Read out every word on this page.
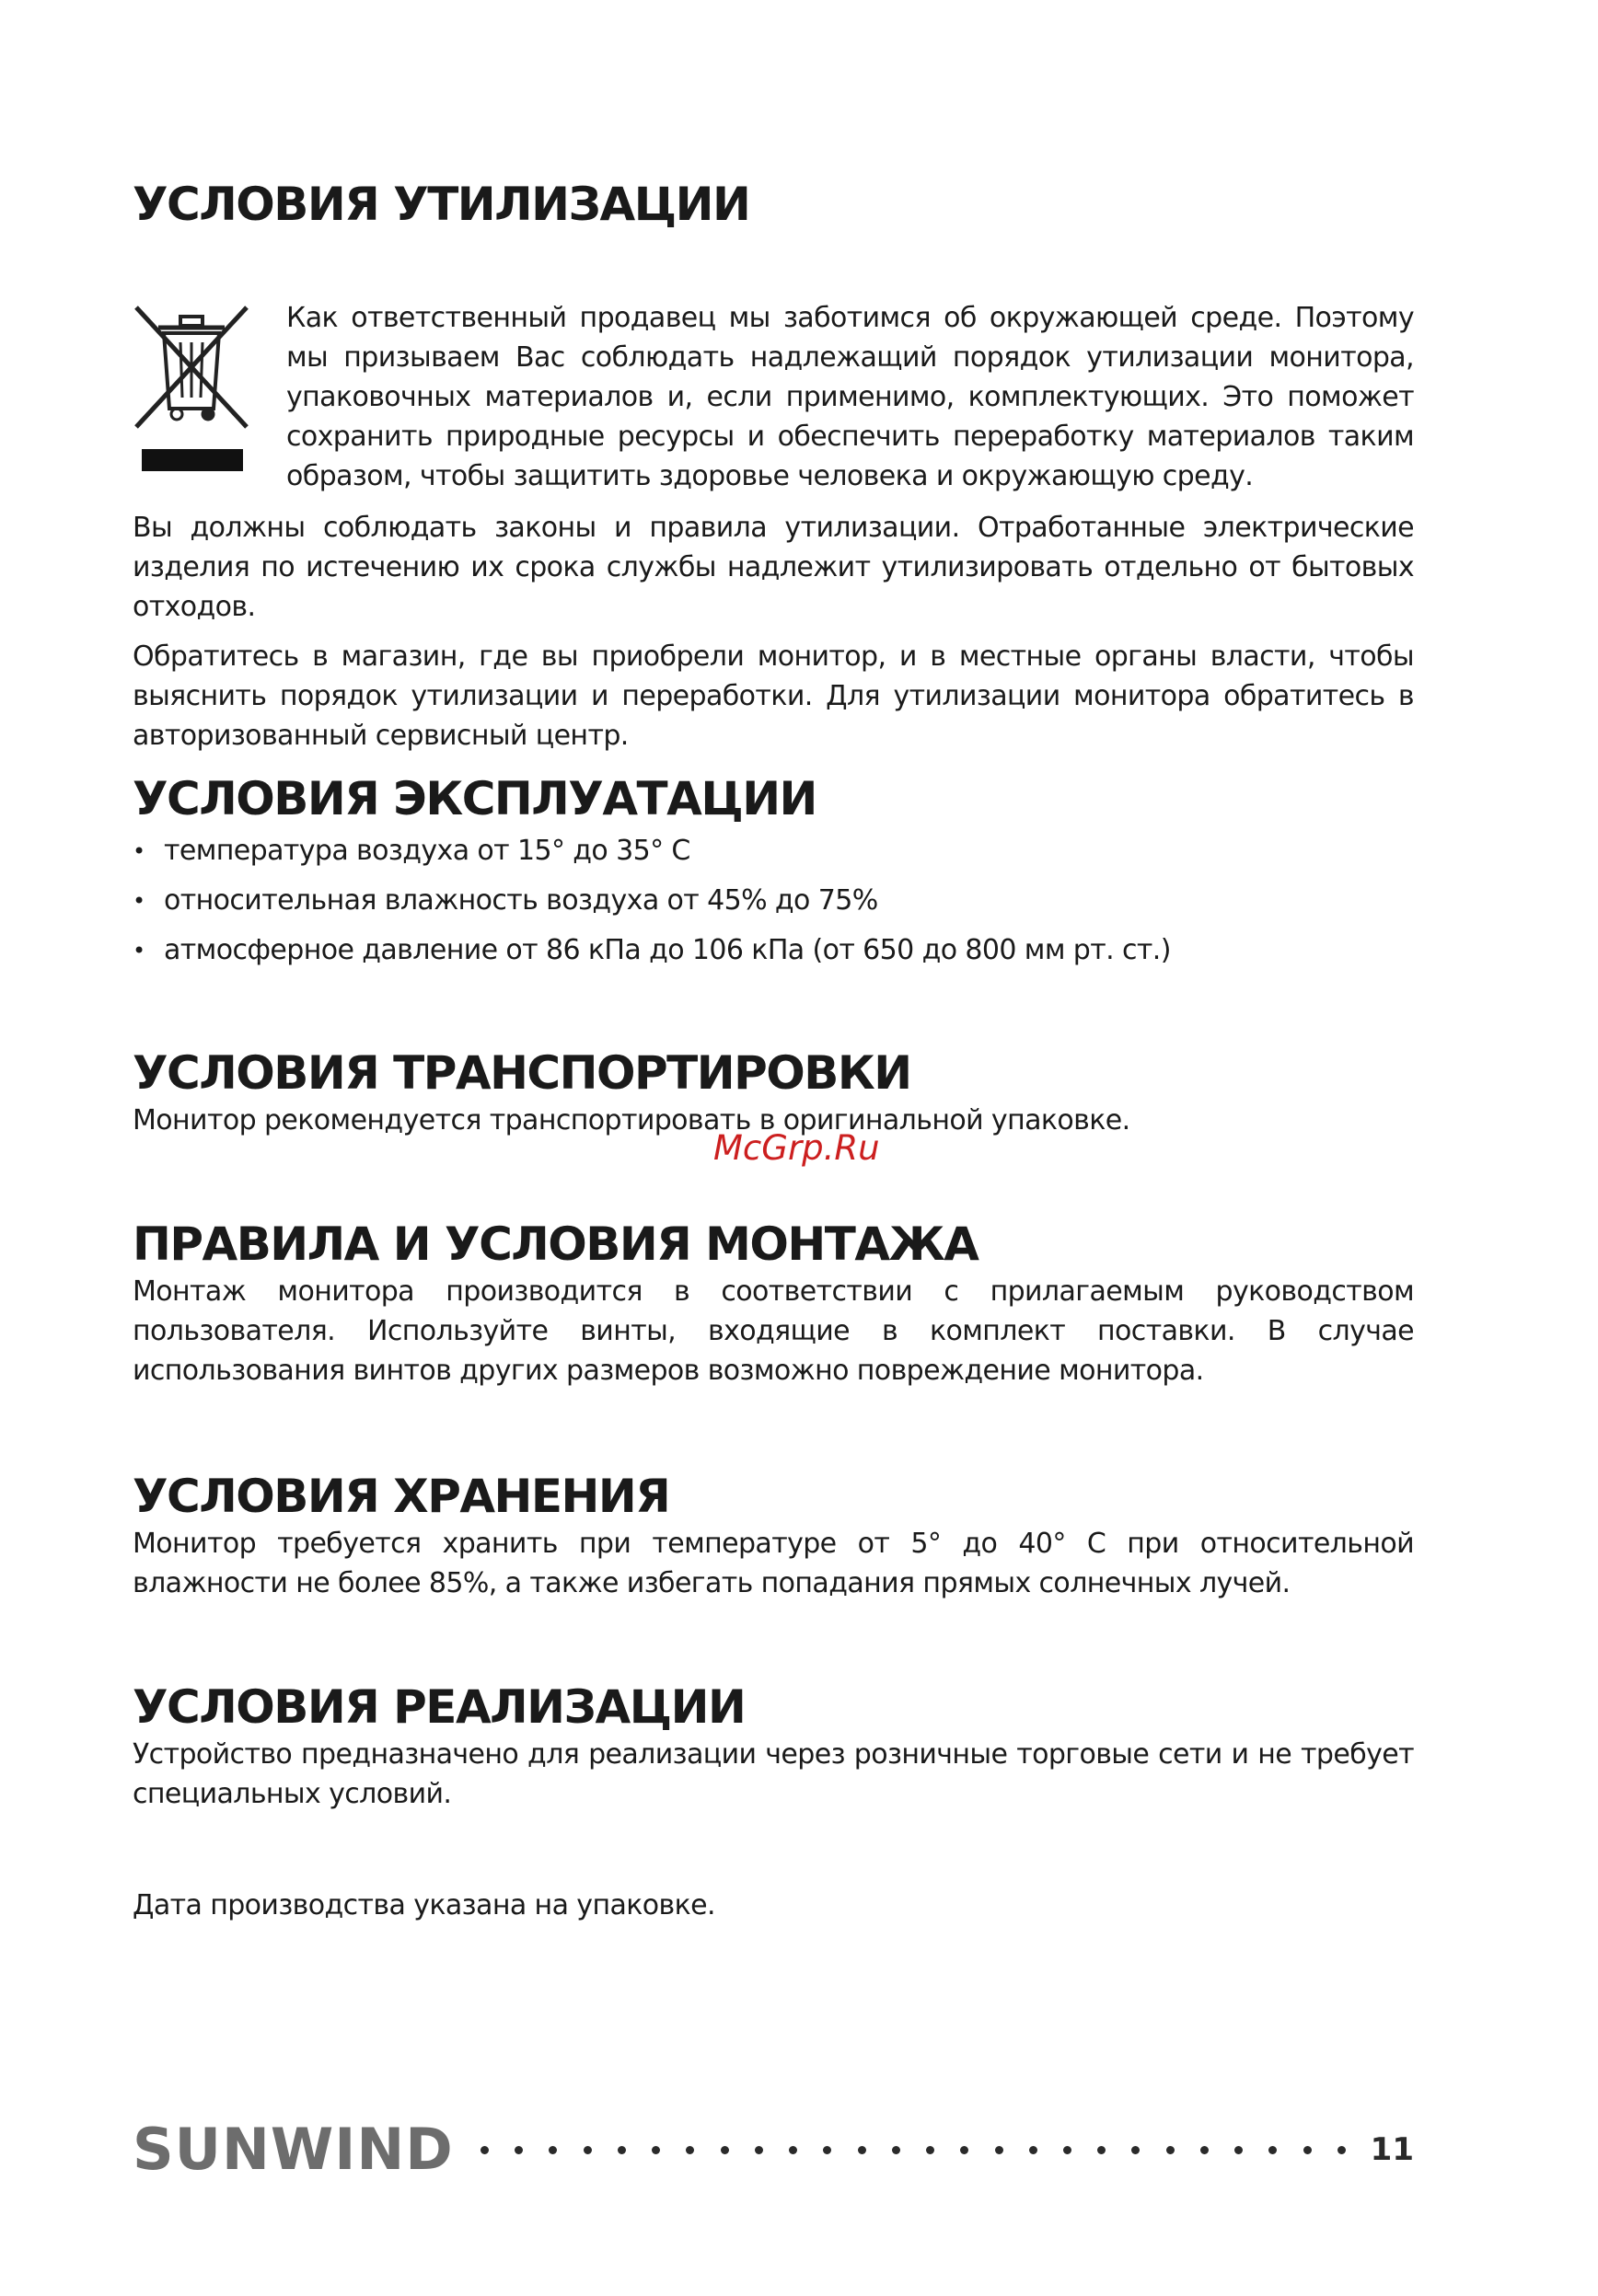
УСЛОВИЯ УТИЛИЗАЦИИ

Как ответственный продавец мы заботимся об окружающей среде. Поэтому мы призываем Вас соблюдать надлежащий порядок утилизации монитора, упаковочных материалов и, если применимо, комплектующих. Это поможет сохранить природные ресурсы и обеспечить переработку материалов таким образом, чтобы защитить здоровье человека и окружающую среду.

Вы должны соблюдать законы и правила утилизации. Отработанные электрические изделия по истечению их срока службы надлежит утилизировать отдельно от бытовых отходов.

Обратитесь в магазин, где вы приобрели монитор, и в местные органы власти, чтобы выяснить порядок утилизации и переработки. Для утилизации монитора обратитесь в авторизованный сервисный центр.

УСЛОВИЯ ЭКСПЛУАТАЦИИ
• температура воздуха от 15° до 35° С
• относительная влажность воздуха от 45% до 75%
• атмосферное давление от 86 кПа до 106 кПа (от 650 до 800 мм рт. ст.)
УСЛОВИЯ ТРАНСПОРТИРОВКИ

Монитор рекомендуется транспортировать в оригинальной упаковке.

McGrp.Ru
ПРАВИЛА И УСЛОВИЯ МОНТАЖА

Монтаж монитора производится в соответствии с прилагаемым руководством пользователя. Используйте винты, входящие в комплект поставки. В случае использования винтов других размеров возможно повреждение монитора.

УСЛОВИЯ ХРАНЕНИЯ

Монитор требуется хранить при температуре от 5° до 40° С при относительной влажности не более 85%, а также избегать попадания прямых солнечных лучей.

УСЛОВИЯ РЕАЛИЗАЦИИ

Устройство предназначено для реализации через розничные торговые сети и не требует специальных условий.

Дата производства указана на упаковке.
SUNWIND	11
